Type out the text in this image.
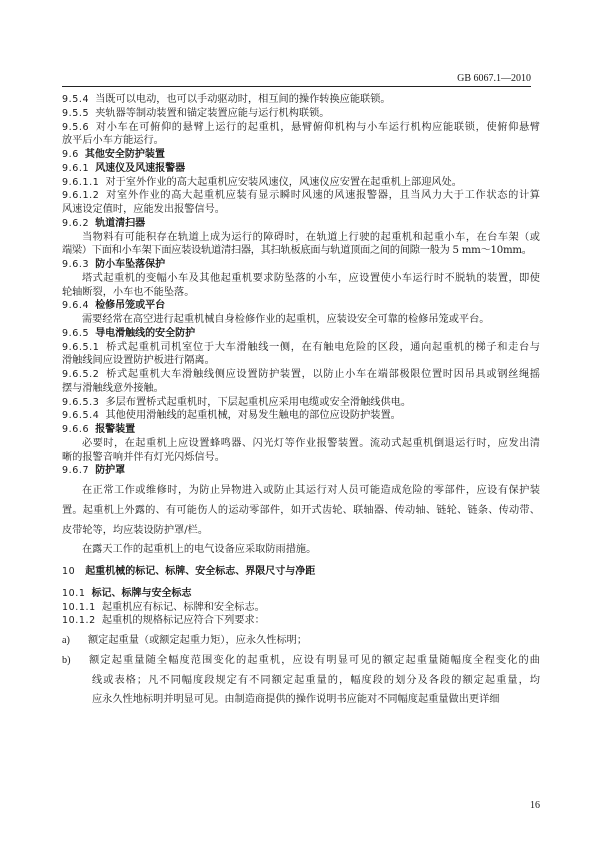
GB 6067.1—2010
9.5.4 当既可以电动，也可以手动驱动时，相互间的操作转换应能联锁。
9.5.5 夹轨器等制动装置和锚定装置应能与运行机构联锁。
9.5.6 对小车在可俯仰的悬臂上运行的起重机，悬臂俯仰机构与小车运行机构应能联锁，使俯仰悬臂
放平后小车方能运行。
9.6 其他安全防护装置
9.6.1 风速仪及风速报警器
9.6.1.1 对于室外作业的高大起重机应安装风速仪，风速仪应安置在起重机上部迎风处。
9.6.1.2 对室外作业的高大起重机应装有显示瞬时风速的风速报警器，且当风力大于工作状态的计算
风速设定值时，应能发出报警信号。
9.6.2 轨道清扫器
当物料有可能积存在轨道上成为运行的障碍时，在轨道上行驶的起重机和起重小车，在台车架（或
端梁）下面和小车架下面应装设轨道清扫器，其扫轨板底面与轨道顶面之间的间隙一般为 5 mm～10mm。
9.6.3 防小车坠落保护
塔式起重机的变幅小车及其他起重机要求防坠落的小车，应设置使小车运行时不脱轨的装置，即使
轮轴断裂，小车也不能坠落。
9.6.4 检修吊笼或平台
需要经常在高空进行起重机械自身检修作业的起重机，应装设安全可靠的检修吊笼或平台。
9.6.5 导电滑触线的安全防护
9.6.5.1 桥式起重机司机室位于大车滑触线一侧，在有触电危险的区段，通向起重机的梯子和走台与
滑触线间应设置防护板进行隔离。
9.6.5.2 桥式起重机大车滑触线侧应设置防护装置，以防止小车在端部极限位置时因吊具或钢丝绳摇
摆与滑触线意外接触。
9.6.5.3 多层布置桥式起重机时，下层起重机应采用电缆或安全滑触线供电。
9.6.5.4 其他使用滑触线的起重机械，对易发生触电的部位应设防护装置。
9.6.6 报警装置
必要时，在起重机上应设置蜂鸣器、闪光灯等作业报警装置。流动式起重机倒退运行时，应发出清
晰的报警音响并伴有灯光闪烁信号。
9.6.7 防护罩
在正常工作或维修时，为防止异物进入或防止其运行对人员可能造成危险的零部件，应设有保护装
置。起重机上外露的、有可能伤人的运动零部件，如开式齿轮、联轴器、传动轴、链轮、链条、传动带、
皮带轮等，均应装设防护罩/栏。
在露天工作的起重机上的电气设备应采取防雨措施。
10 起重机械的标记、标牌、安全标志、界限尺寸与净距
10.1 标记、标牌与安全标志
10.1.1 起重机应有标记、标牌和安全标志。
10.1.2 起重机的规格标记应符合下列要求：
a) 额定起重量（或额定起重力矩），应永久性标明；
b) 额定起重量随全幅度范围变化的起重机，应设有明显可见的额定起重量随幅度全程变化的曲
线或表格；凡不同幅度段规定有不同额定起重量的，幅度段的划分及各段的额定起重量，均
应永久性地标明并明显可见。由制造商提供的操作说明书应能对不同幅度起重量做出更详细
16
